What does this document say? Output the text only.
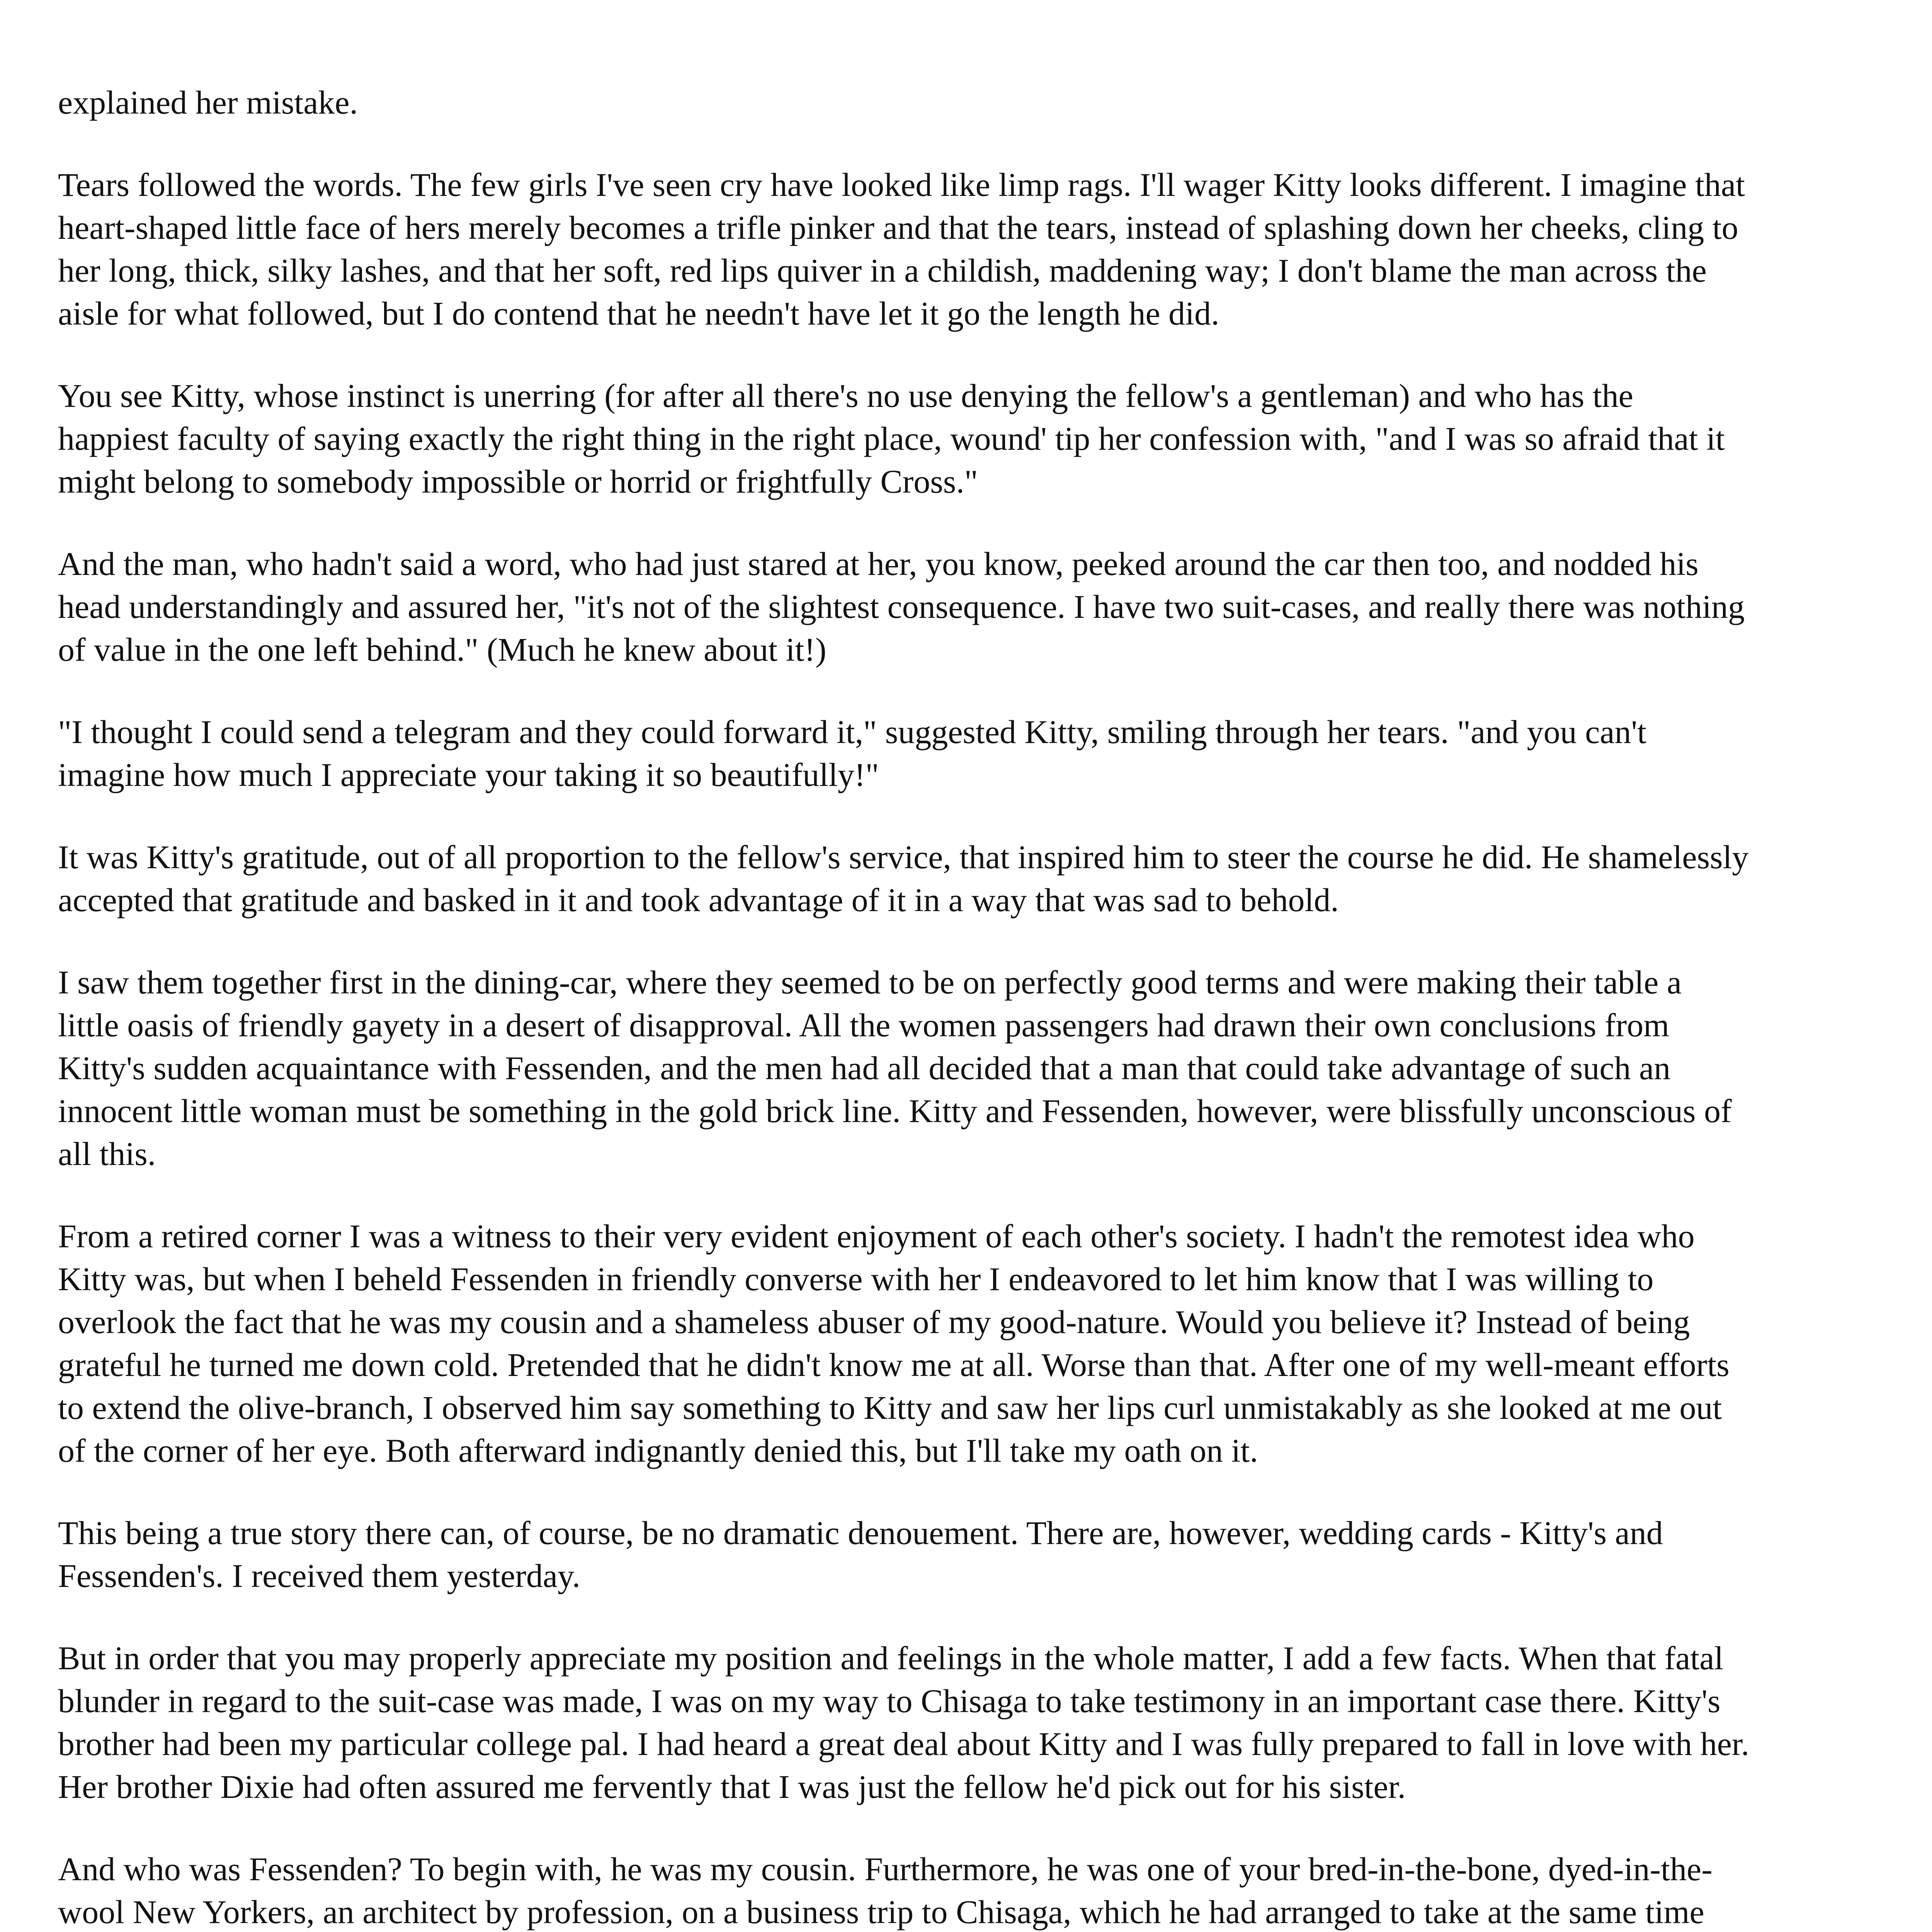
explained her mistake.

Tears followed the words. The few girls I've seen cry have looked like limp rags. I'll wager Kitty looks different. I imagine that heart-shaped little face of hers merely becomes a trifle pinker and that the tears, instead of splashing down her cheeks, cling to her long, thick, silky lashes, and that her soft, red lips quiver in a childish, maddening way; I don't blame the man across the aisle for what followed, but I do contend that he needn't have let it go the length he did.

You see Kitty, whose instinct is unerring (for after all there's no use denying the fellow's a gentleman) and who has the happiest faculty of saying exactly the right thing in the right place, wound' tip her confession with, "and I was so afraid that it might belong to somebody impossible or horrid or frightfully Cross."

And the man, who hadn't said a word, who had just stared at her, you know, peeked around the car then too, and nodded his head understandingly and assured her, "it's not of the slightest consequence. I have two suit-cases, and really there was nothing of value in the one left behind." (Much he knew about it!)

"I thought I could send a telegram and they could forward it," suggested Kitty, smiling through her tears. "and you can't imagine how much I appreciate your taking it so beautifully!"

It was Kitty's gratitude, out of all proportion to the fellow's service, that inspired him to steer the course he did. He shamelessly accepted that gratitude and basked in it and took advantage of it in a way that was sad to behold.

I saw them together first in the dining-car, where they seemed to be on perfectly good terms and were making their table a little oasis of friendly gayety in a desert of disapproval. All the women passengers had drawn their own conclusions from Kitty's sudden acquaintance with Fessenden, and the men had all decided that a man that could take advantage of such an innocent little woman must be something in the gold brick line. Kitty and Fessenden, however, were blissfully unconscious of all this.

From a retired corner I was a witness to their very evident enjoyment of each other's society. I hadn't the remotest idea who Kitty was, but when I beheld Fessenden in friendly converse with her I endeavored to let him know that I was willing to overlook the fact that he was my cousin and a shameless abuser of my good-nature. Would you believe it? Instead of being grateful he turned me down cold. Pretended that he didn't know me at all. Worse than that. After one of my well-meant efforts to extend the olive-branch, I observed him say something to Kitty and saw her lips curl unmistakably as she looked at me out of the corner of her eye. Both afterward indignantly denied this, but I'll take my oath on it.

This being a true story there can, of course, be no dramatic denouement. There are, however, wedding cards - Kitty's and Fessenden's. I received them yesterday.

But in order that you may properly appreciate my position and feelings in the whole matter, I add a few facts. When that fatal blunder in regard to the suit-case was made, I was on my way to Chisaga to take testimony in an important case there. Kitty's brother had been my particular college pal. I had heard a great deal about Kitty and I was fully prepared to fall in love with her. Her brother Dixie had often assured me fervently that I was just the fellow he'd pick out for his sister.

And who was Fessenden? To begin with, he was my cousin. Furthermore, he was one of your bred-in-the-bone, dyed-in-the-wool New Yorkers, an architect by profession, on a business trip to Chisaga, which he had arranged to take at the same time
